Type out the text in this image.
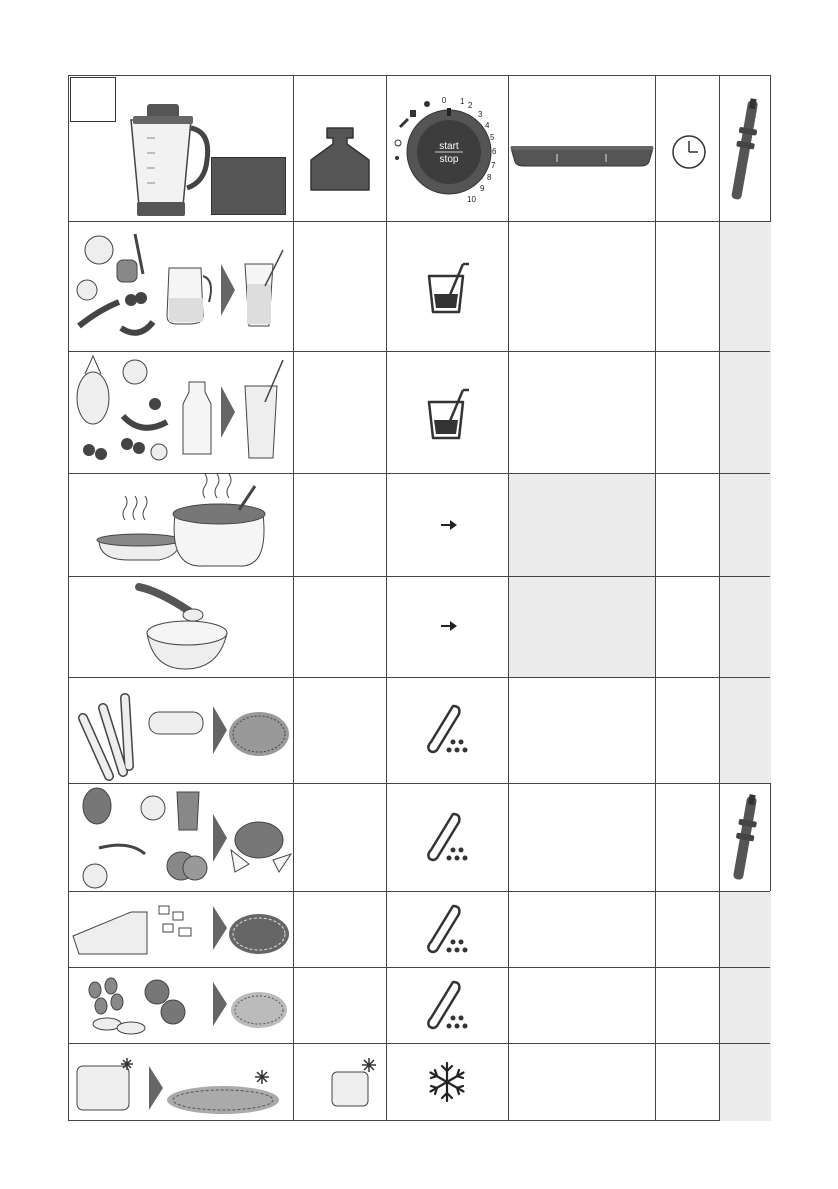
start
stop
0 1 2
3
4
5
6
7
8
9
10
